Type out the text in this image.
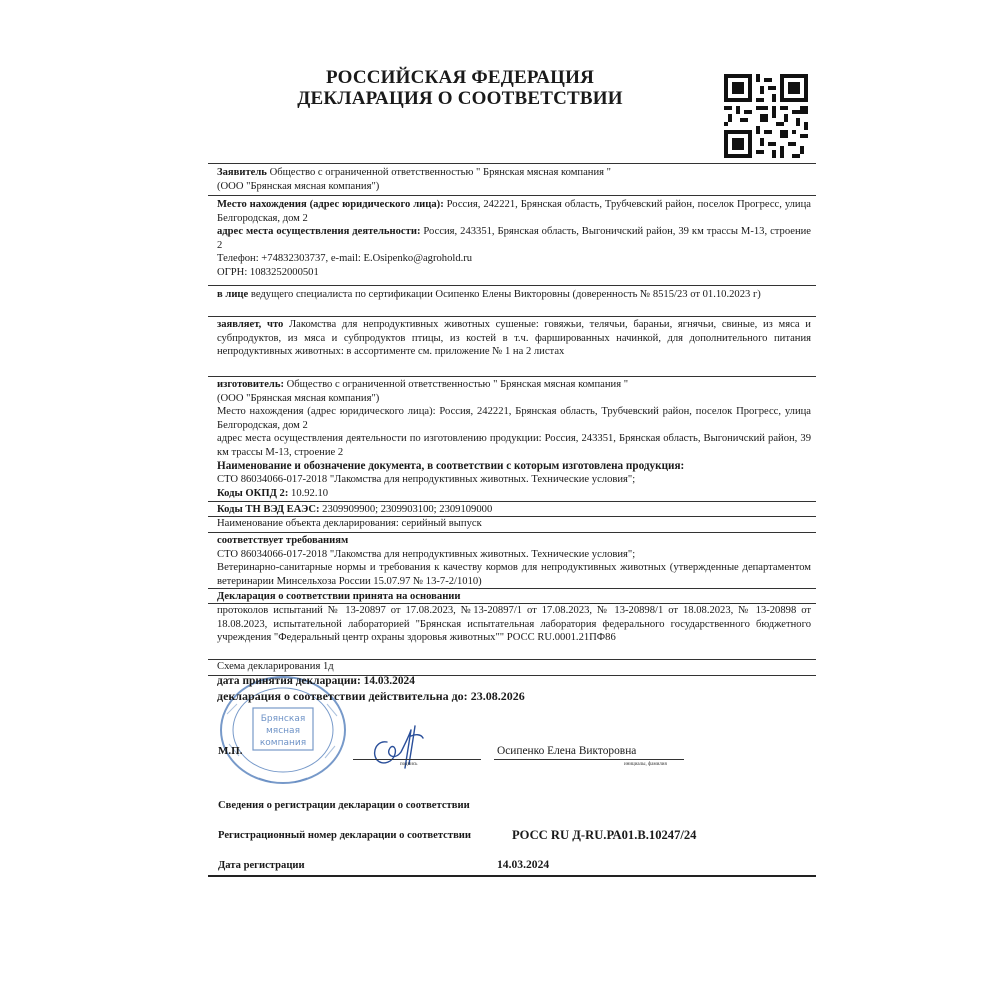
РОССИЙСКАЯ ФЕДЕРАЦИЯ
ДЕКЛАРАЦИЯ О СООТВЕТСТВИИ

Заявитель Общество с ограниченной ответственностью " Брянская мясная компания "

(ООО "Брянская мясная компания")

Место нахождения (адрес юридического лица): Россия, 242221, Брянская область, Трубчевский район, поселок Прогресс, улица Белгородская, дом 2

адрес места осуществления деятельности: Россия, 243351, Брянская область, Выгоничский район, 39 км трассы М-13, строение 2

Телефон: +74832303737, e-mail: E.Osipenko@agrohold.ru

ОГРН: 1083252000501

в лице ведущего специалиста по сертификации Осипенко Елены Викторовны (доверенность № 8515/23 от 01.10.2023 г)

заявляет, что Лакомства для непродуктивных животных сушеные: говяжьи, телячьи, бараньи, ягнячьи, свиные, из мяса и субпродуктов, из мяса и субпродуктов птицы, из костей в т.ч. фаршированных начинкой, для дополнительного питания непродуктивных животных: в ассортименте см. приложение № 1 на 2 листах

изготовитель: Общество с ограниченной ответственностью " Брянская мясная компания "

(ООО "Брянская мясная компания")

Место нахождения (адрес юридического лица): Россия, 242221, Брянская область, Трубчевский район, поселок Прогресс, улица Белгородская, дом 2

адрес места осуществления деятельности по изготовлению продукции: Россия, 243351, Брянская область, Выгоничский район, 39 км трассы М-13, строение 2

Наименование и обозначение документа, в соответствии с которым изготовлена продукция:

СТО 86034066-017-2018 "Лакомства для непродуктивных животных. Технические условия";

Коды ОКПД 2: 10.92.10

Коды ТН ВЭД ЕАЭС: 2309909900; 2309903100; 2309109000

Наименование объекта декларирования: серийный выпуск

соответствует требованиям

СТО 86034066-017-2018 "Лакомства для непродуктивных животных. Технические условия";

Ветеринарно-санитарные нормы и требования к качеству кормов для непродуктивных животных (утвержденные департаментом ветеринарии Минсельхоза России 15.07.97 № 13-7-2/1010)

Декларация о соответствии принята на основании

протоколов испытаний № 13-20897 от 17.08.2023, №13-20897/1 от 17.08.2023, № 13-20898/1 от 18.08.2023, № 13-20898 от 18.08.2023, испытательной лабораторией "Брянская испытательная лаборатория федерального государственного бюджетного учреждения "Федеральный центр охраны здоровья животных"" РОСС RU.0001.21ПФ86

Схема декларирования 1д

Брянская
мясная
компания

дата принятия декларации: 14.03.2024

декларация о соответствии действительна до: 23.08.2026

М.П.
подпись
Осипенко Елена Викторовна
инициалы, фамилия
Сведения о регистрации декларации о соответствии
Регистрационный номер декларации о соответствии	РОСС RU Д-RU.РА01.В.10247/24
Дата регистрации	14.03.2024
